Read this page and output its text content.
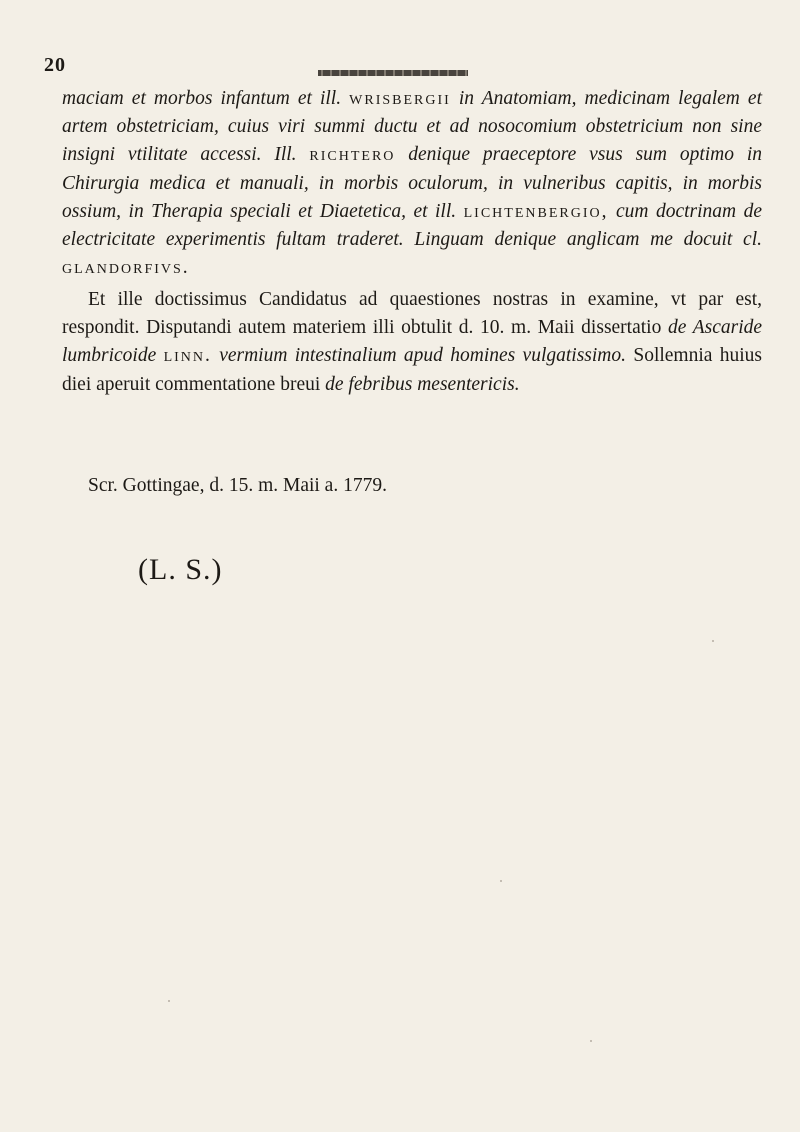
20
maciam et morbos infantum et ill. wrisbergii in Anatomiam, medicinam legalem et artem obstetriciam, cuius viri summi ductu et ad nosocomium obstetricium non sine insigni vtilitate accessi. Ill. richtero denique praeceptore vsus sum optimo in Chirurgia medica et manuali, in morbis oculorum, in vulneribus capitis, in morbis ossium, in Therapia speciali et Diaetetica, et ill. lichtenbergio, cum doctrinam de electricitate experimentis fultam traderet. Linguam denique anglicam me docuit cl. glandorfivs.
Et ille doctissimus Candidatus ad quaestiones nostras in examine, vt par est, respondit. Disputandi autem materiem illi obtulit d. 10. m. Maii dissertatio de Ascaride lumbricoide linn. vermium intestinalium apud homines vulgatissimo. Sollemnia huius diei aperuit commentatione breui de febribus mesentericis.
Scr. Gottingae, d. 15. m. Maii a. 1779.
(L. S.)
